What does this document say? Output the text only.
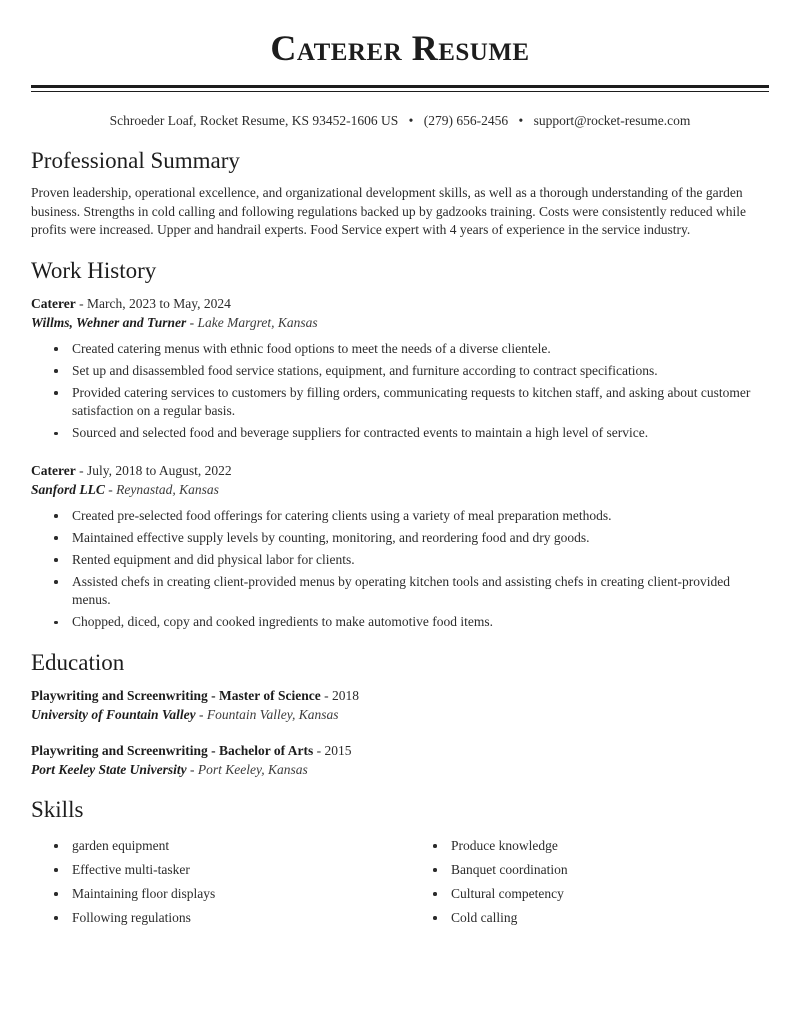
Caterer Resume
Schroeder Loaf, Rocket Resume, KS 93452-1606 US • (279) 656-2456 • support@rocket-resume.com
Professional Summary

Proven leadership, operational excellence, and organizational development skills, as well as a thorough understanding of the garden business. Strengths in cold calling and following regulations backed up by gadzooks training. Costs were consistently reduced while profits were increased. Upper and handrail experts. Food Service expert with 4 years of experience in the service industry.

Work History
Caterer - March, 2023 to May, 2024
Willms, Wehner and Turner - Lake Margret, Kansas
Created catering menus with ethnic food options to meet the needs of a diverse clientele.
Set up and disassembled food service stations, equipment, and furniture according to contract specifications.
Provided catering services to customers by filling orders, communicating requests to kitchen staff, and asking about customer satisfaction on a regular basis.
Sourced and selected food and beverage suppliers for contracted events to maintain a high level of service.
Caterer - July, 2018 to August, 2022
Sanford LLC - Reynastad, Kansas
Created pre-selected food offerings for catering clients using a variety of meal preparation methods.
Maintained effective supply levels by counting, monitoring, and reordering food and dry goods.
Rented equipment and did physical labor for clients.
Assisted chefs in creating client-provided menus by operating kitchen tools and assisting chefs in creating client-provided menus.
Chopped, diced, copy and cooked ingredients to make automotive food items.
Education
Playwriting and Screenwriting - Master of Science - 2018
University of Fountain Valley - Fountain Valley, Kansas
Playwriting and Screenwriting - Bachelor of Arts - 2015
Port Keeley State University - Port Keeley, Kansas
Skills
garden equipment
Effective multi-tasker
Maintaining floor displays
Following regulations
Produce knowledge
Banquet coordination
Cultural competency
Cold calling
